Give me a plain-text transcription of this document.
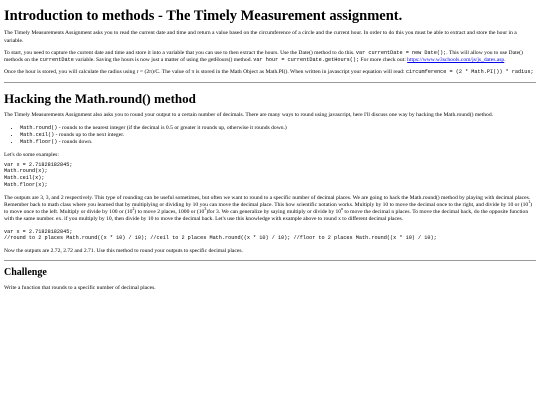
Introduction to methods - The Timely Measurement assignment.

The Timely Measurements Assignment asks you to read the current date and time and return a value based on the circumference of a circle and the current hour. In order to do this you must be able to extract and store the hour in a variable.

To start, you need to capture the current date and time and store it into a variable that you can use to then extract the hours. Use the Date() method to do this. var currentDate = new Date();. This will allow you to use Date() methods on the currentDate variable. Saving the hours is now just a matter of using the getHours() method. var hour = currentDate.getHours(); For more check out: https://www.w3schools.com/js/js_dates.asp.

Once the hour is stored, you will calculate the radius using r = (2π)/C. The value of π is stored in the Math Object as Math.PI(). When written in javascript your equation will read: circumference = (2 * Math.PI()) * radius;

Hacking the Math.round() method

The Timely Measurements Assignment also asks you to round your output to a certain number of decimals. There are many ways to round using javascript, here I'll discuss one way by hacking the Math.round() method.

• Math.round() - rounds to the nearest integer (if the decimal is 0.5 or greater it rounds up, otherwise it rounds down.)
• Math.ceil() - rounds up to the next integer.
• Math.floor() - rounds down.

Let's do some examples:

var x = 2.71828182845;
Math.round(x);
Math.ceil(x);
Math.floor(x);

The outputs are 3, 3, and 2 respectively. This type of rounding can be useful sometimes, but often we want to round to a specific number of decimal places. We are going to hack the Math.round() method by playing with decimal places. Remember back to math class where you learned that by multiplying or dividing by 10 you can move the decimal place. This how scientific notation works. Multiply by 10 to move the decimal once to the right, and divide by 10 or $(10^1)$ to move once to the left. Multiply or divide by 100 or $(10^2)$ to move 2 places, 1000 or $(10^3)for$ 3. We can generalize by saying multiply or divide by 10$^n$ to move the decimal n places. To move the decimal back, do the opposite function with the same number. ex. if you multiply by 10, then divide by 10 to move the decimal back. Let's use this knowledge with example above to round x to different decimal places.

var x = 2.71828182845;
//round to 2 places Math.round((x * 10) / 10); //ceil to 2 places Math.round((x * 10) / 10); //floor to 2 places Math.round((x * 10) / 10);

Now the outputs are 2.72, 2.72 and 2.71. Use this method to round your outputs to specific decimal places.

Challenge

Write a function that rounds to a specific number of decimal places.
